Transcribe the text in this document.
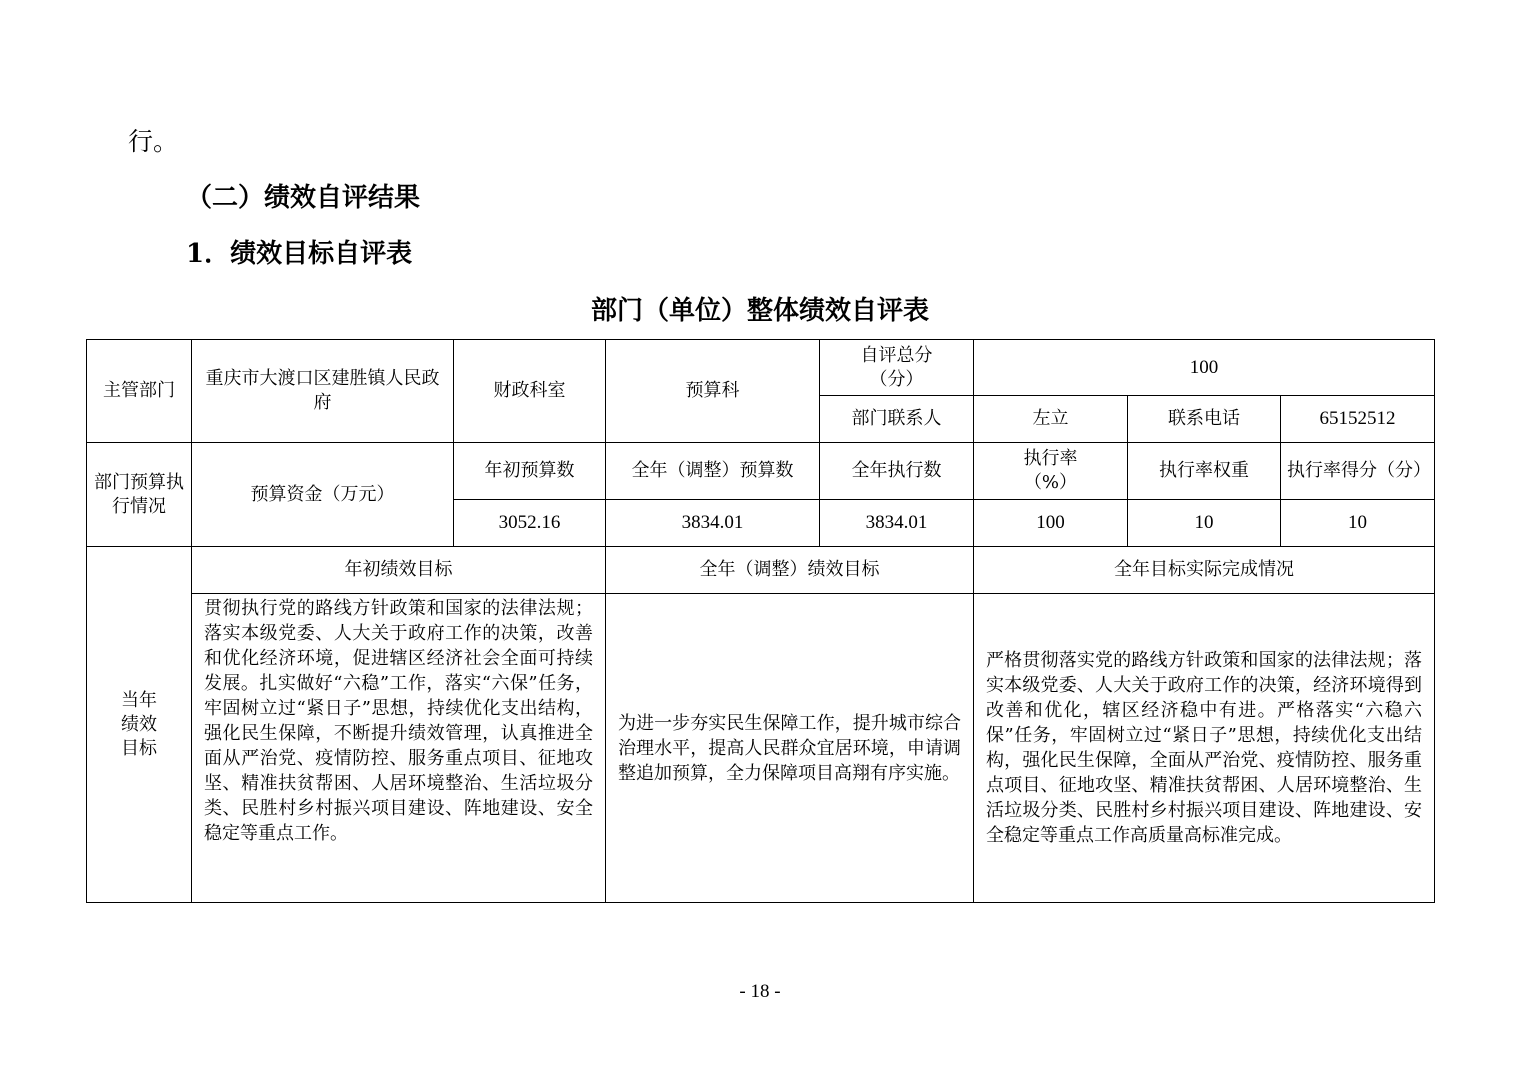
行。
（二）绩效自评结果
1．绩效目标自评表
部门（单位）整体绩效自评表
主管部门	重庆市大渡口区建胜镇人民政府	财政科室	预算科	自评总分（分）	100		
				部门联系人	左立	联系电话	65152512
部门预算执行情况	预算资金（万元）	年初预算数	全年（调整）预算数	全年执行数	执行率（%）	执行率权重	执行率得分（分）
		3052.16	3834.01	3834.01	100	10	10
当年绩效目标	年初绩效目标		全年（调整）绩效目标		全年目标实际完成情况		
	贯彻执行党的路线方针政策和国家的法律法规；落实本级党委、人大关于政府工作的决策，改善和优化经济环境，促进辖区经济社会全面可持续发展。扎实做好“六稳”工作，落实“六保”任务，牢固树立过“紧日子”思想，持续优化支出结构，强化民生保障，不断提升绩效管理，认真推进全面从严治党、疫情防控、服务重点项目、征地攻坚、精准扶贫帮困、人居环境整治、生活垃圾分类、民胜村乡村振兴项目建设、阵地建设、安全稳定等重点工作。		为进一步夯实民生保障工作，提升城市综合治理水平，提高人民群众宜居环境，申请调整追加预算，全力保障项目高翔有序实施。		严格贯彻落实党的路线方针政策和国家的法律法规；落实本级党委、人大关于政府工作的决策，经济环境得到改善和优化，辖区经济稳中有进。严格落实“六稳六保”任务，牢固树立过“紧日子”思想，持续优化支出结构，强化民生保障，全面从严治党、疫情防控、服务重点项目、征地攻坚、精准扶贫帮困、人居环境整治、生活垃圾分类、民胜村乡村振兴项目建设、阵地建设、安全稳定等重点工作高质量高标准完成。		
- 18 -
